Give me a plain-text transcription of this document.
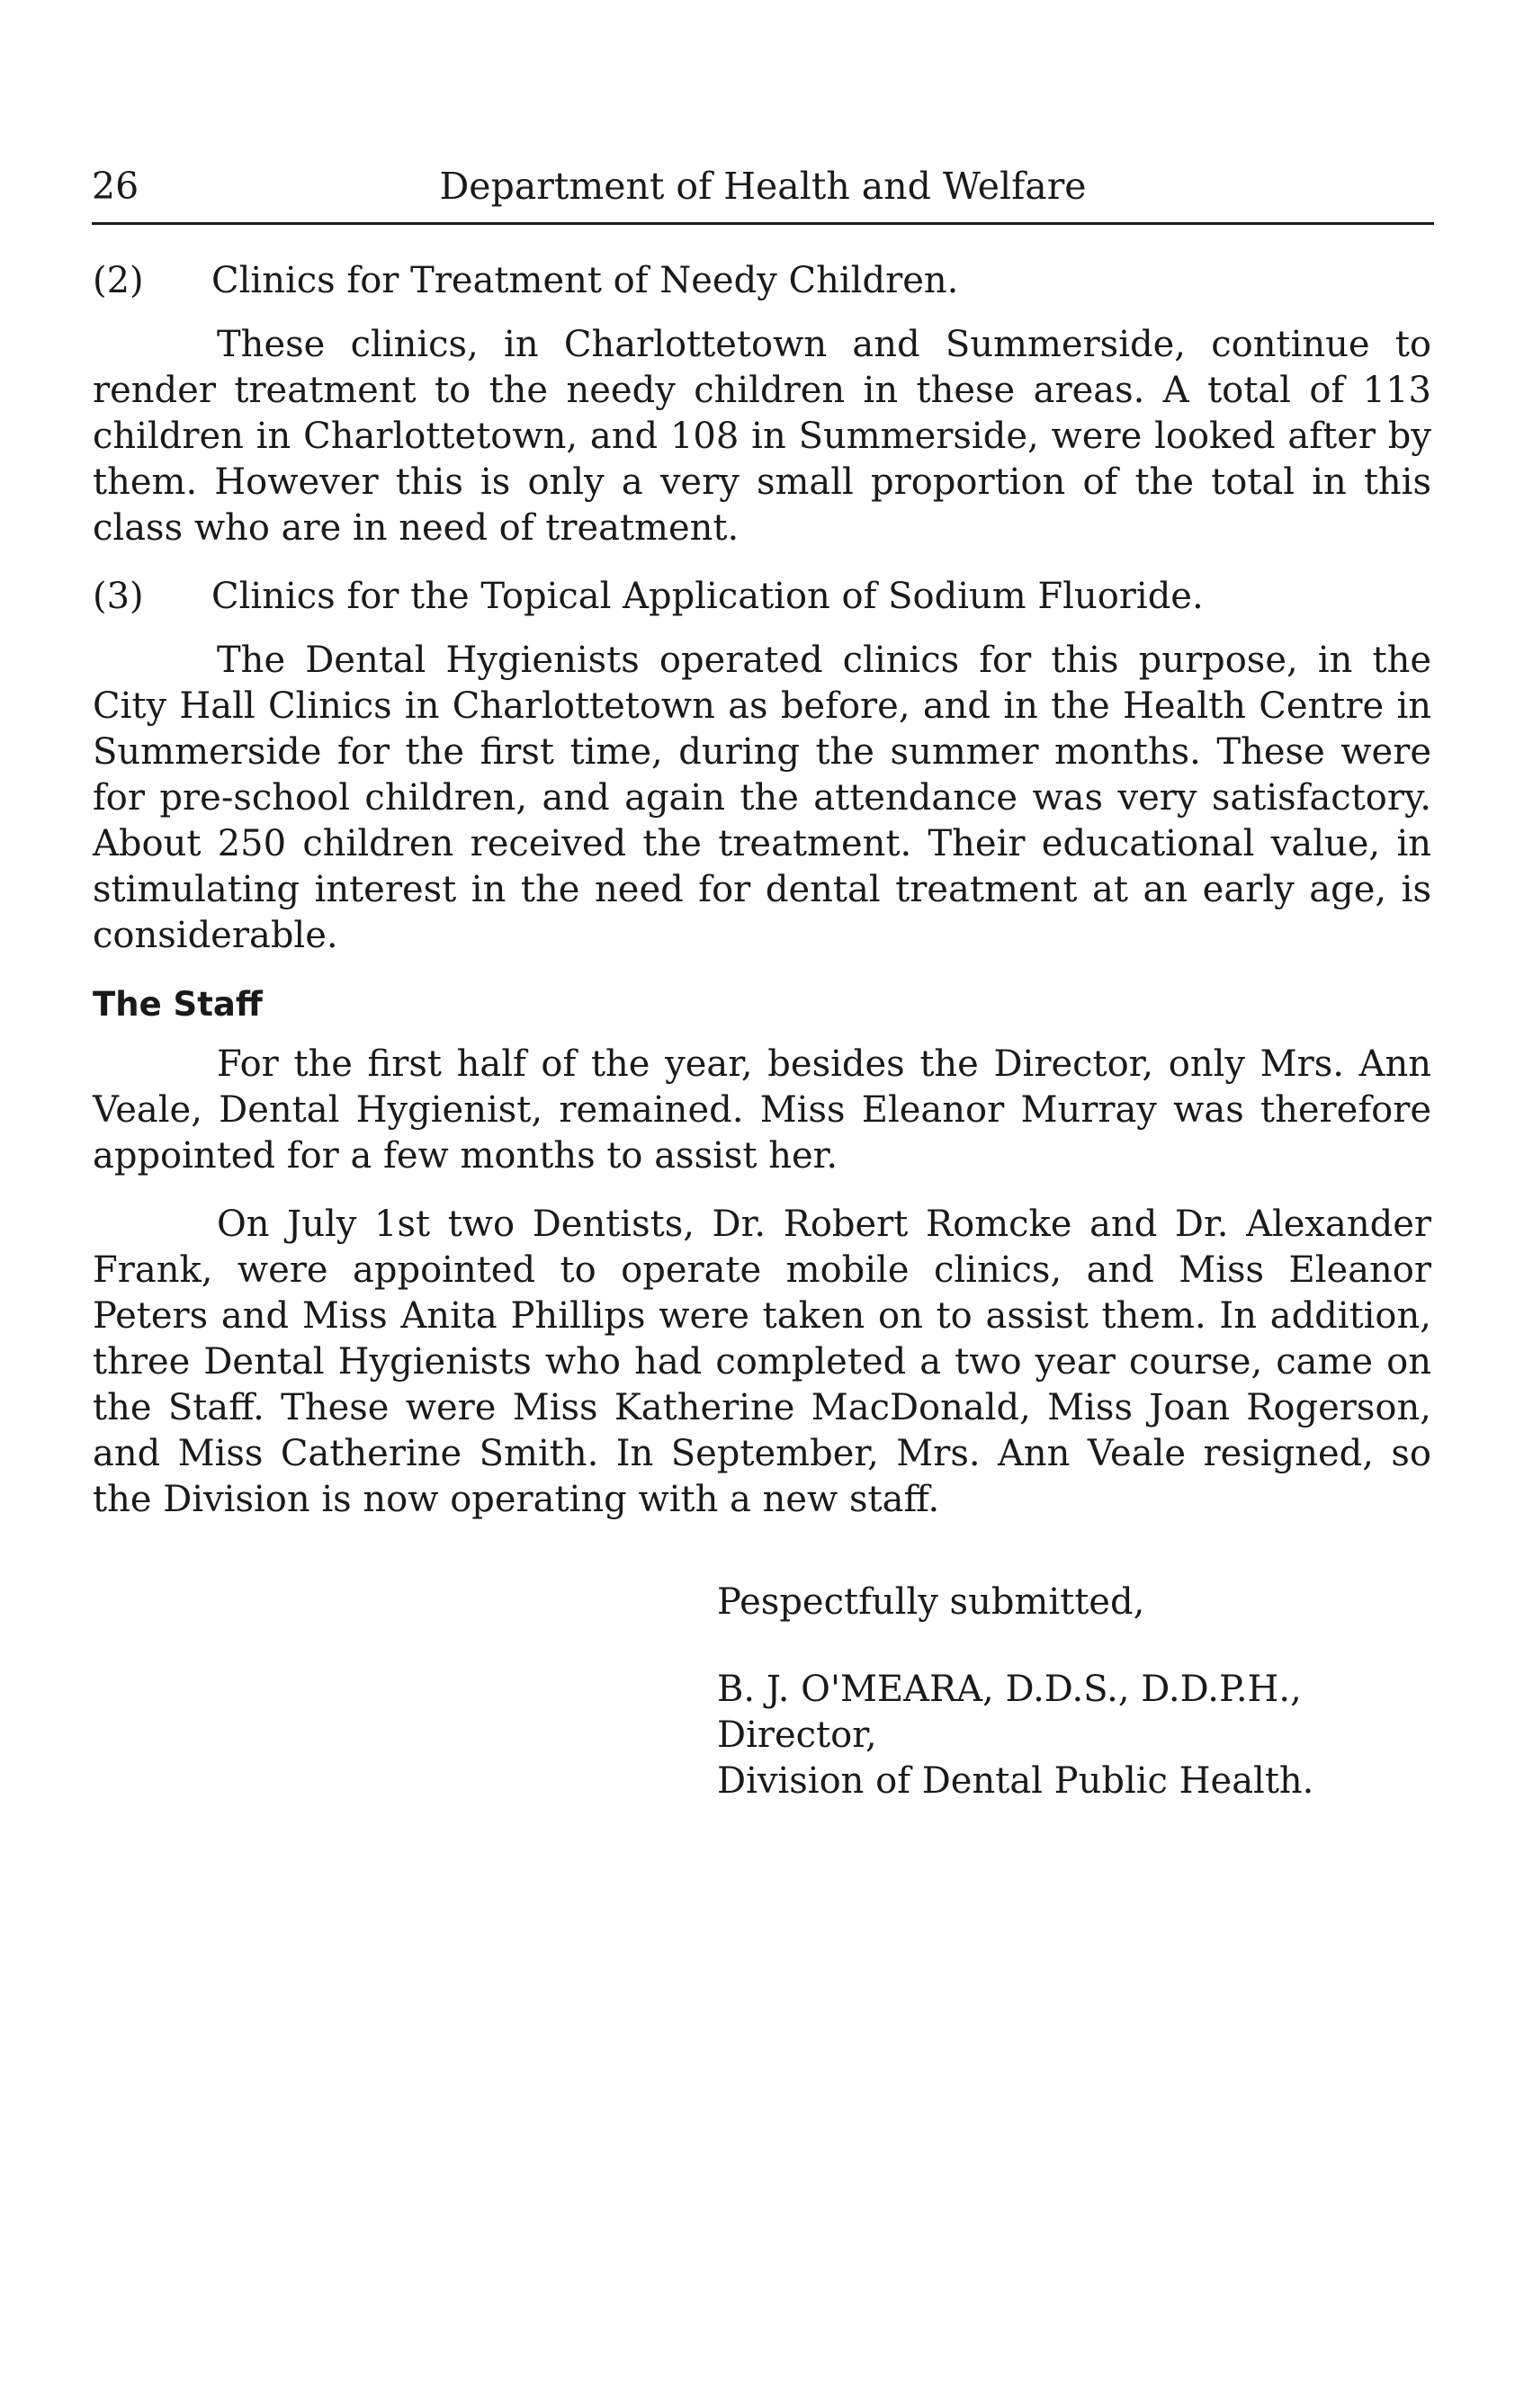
26	Department of Health and Welfare
(2) Clinics for Treatment of Needy Children.

These clinics, in Charlottetown and Summerside, continue to render treatment to the needy children in these areas. A total of 113 children in Charlottetown, and 108 in Summerside, were looked after by them. However this is only a very small proportion of the total in this class who are in need of treatment.

(3) Clinics for the Topical Application of Sodium Fluoride.

The Dental Hygienists operated clinics for this purpose, in the City Hall Clinics in Charlottetown as before, and in the Health Centre in Summerside for the first time, during the summer months. These were for pre-school children, and again the attendance was very satisfactory. About 250 children received the treatment. Their educational value, in stimulating interest in the need for dental treatment at an early age, is considerable.

The Staff

For the first half of the year, besides the Director, only Mrs. Ann Veale, Dental Hygienist, remained. Miss Eleanor Murray was therefore appointed for a few months to assist her.

On July 1st two Dentists, Dr. Robert Romcke and Dr. Alexander Frank, were appointed to operate mobile clinics, and Miss Eleanor Peters and Miss Anita Phillips were taken on to assist them. In addition, three Dental Hygienists who had completed a two year course, came on the Staff. These were Miss Katherine MacDonald, Miss Joan Rogerson, and Miss Catherine Smith. In September, Mrs. Ann Veale resigned, so the Division is now operating with a new staff.

Pespectfully submitted,

B. J. O'MEARA, D.D.S., D.D.P.H.,

Director,

Division of Dental Public Health.
